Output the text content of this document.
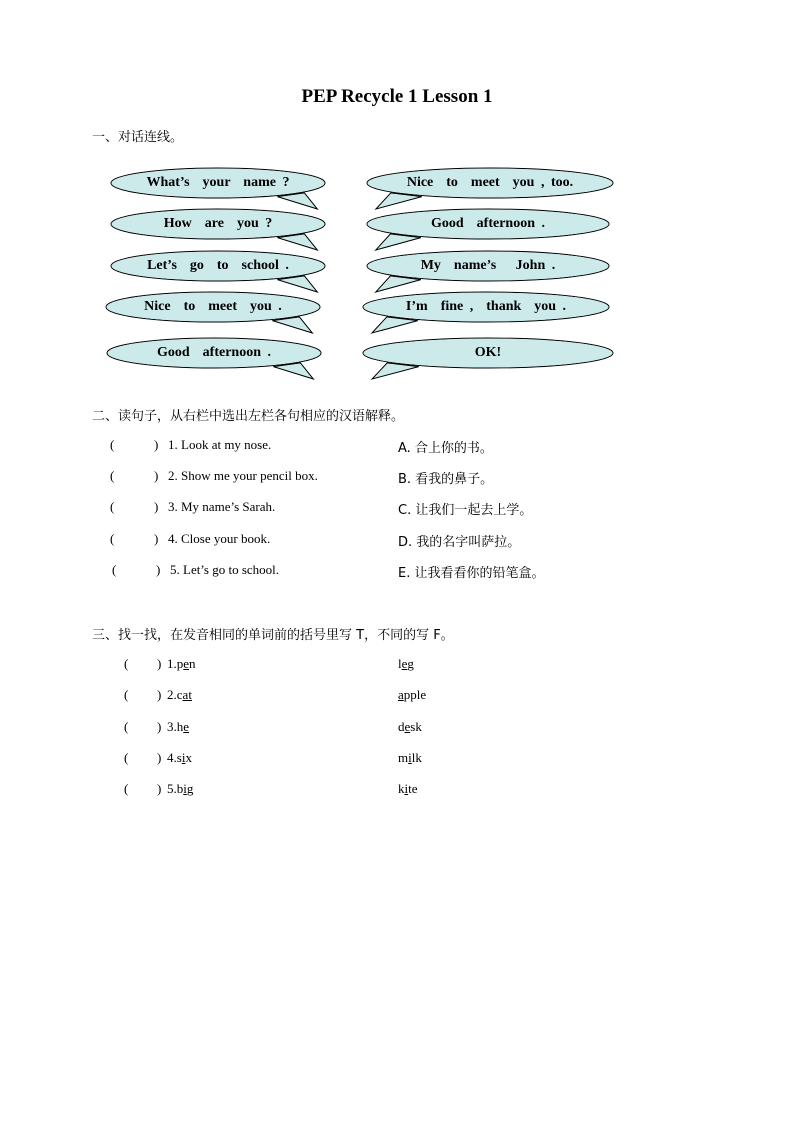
PEP Recycle 1 Lesson 1
一、对话连线。
What’s  your  name ?
How  are  you ?
Let’s  go  to  school .
Nice  to  meet  you .
Good  afternoon .
Nice  to  meet  you , too.
Good  afternoon .
My  name’s   John .
I’m  fine ,  thank  you .
OK!
二、读句子，从右栏中选出左栏各句相应的汉语解释。
(	) 1. Look at my nose.
(	) 2. Show me your pencil box.
(	) 3. My name’s Sarah.
(	) 4. Close your book.
(	) 5. Let’s go to school.
A. 合上你的书。
B. 看我的鼻子。
C. 让我们一起去上学。
D. 我的名字叫萨拉。
E. 让我看看你的铅笔盒。
三、找一找，在发音相同的单词前的括号里写 T，不同的写 F。
( ) 1.pen	leg
( ) 2.cat	apple
( ) 3.he	desk
( ) 4.six	milk
( ) 5.big	kite
